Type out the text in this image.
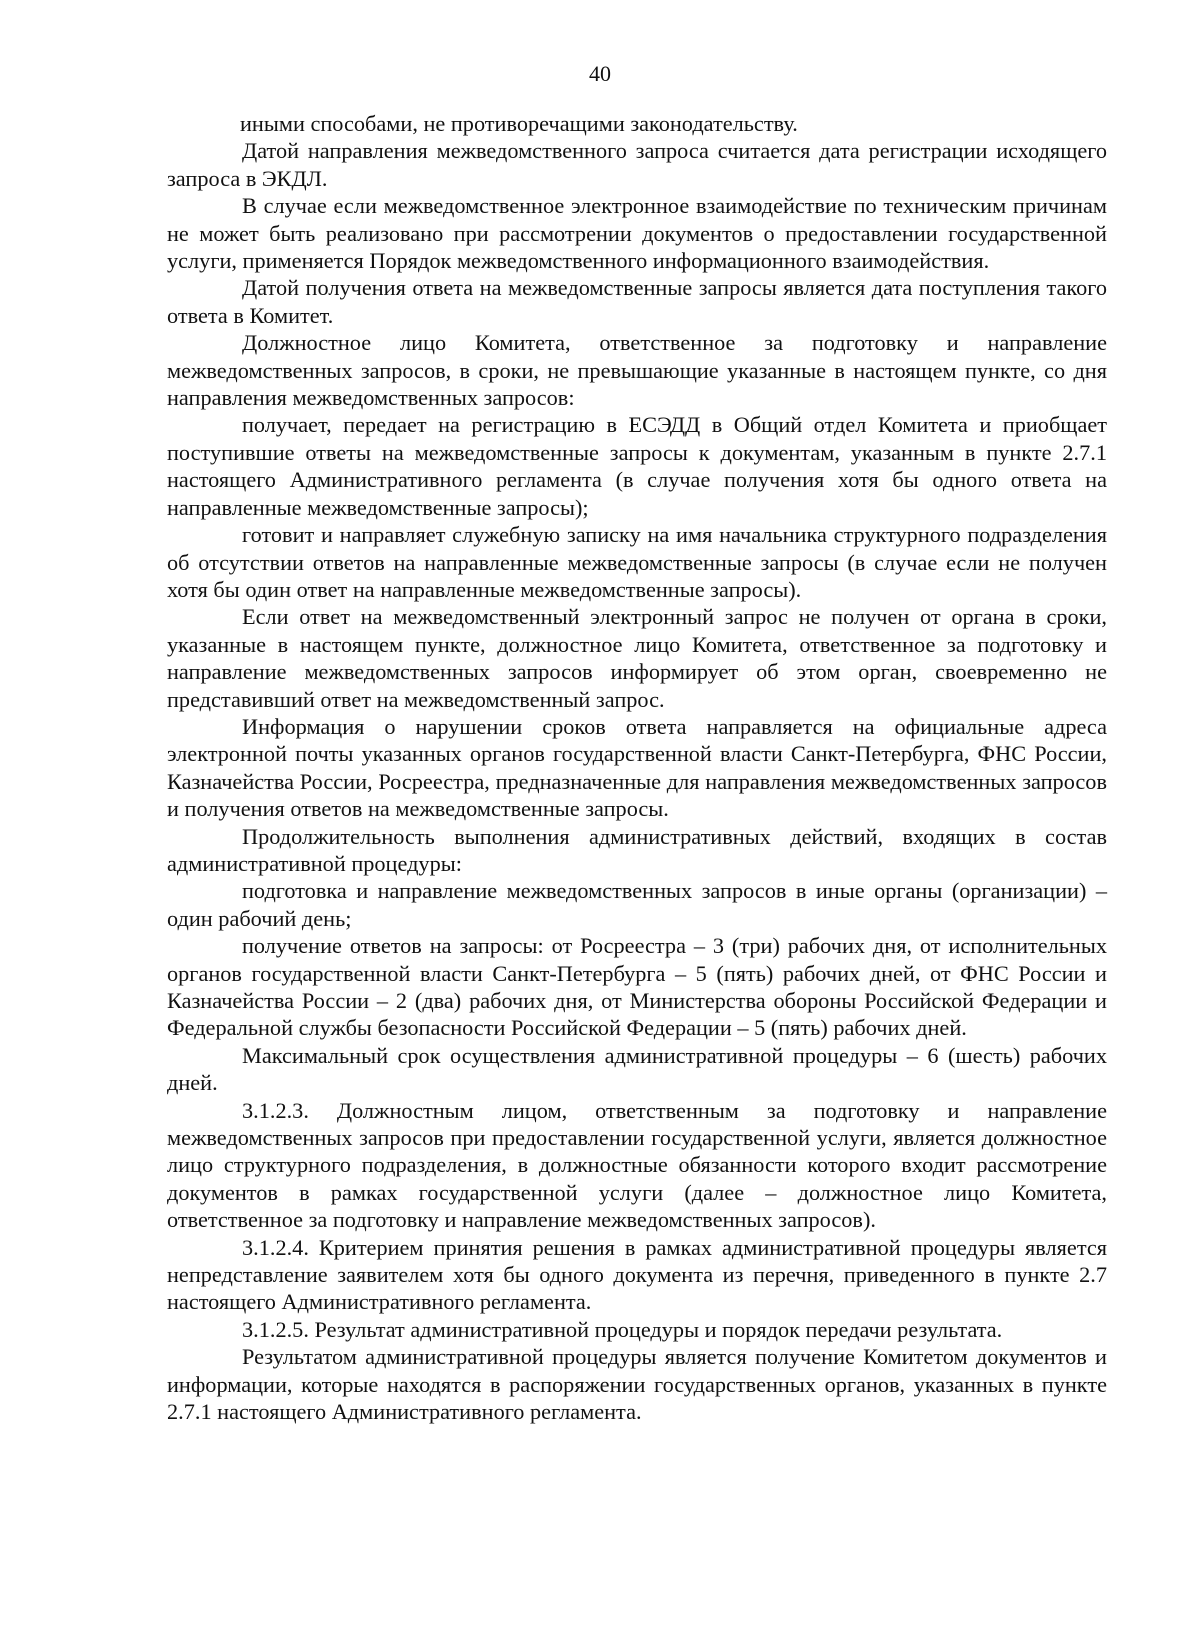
40

иными способами, не противоречащими законодательству.

Датой направления межведомственного запроса считается дата регистрации исходящего запроса в ЭКДЛ.

В случае если межведомственное электронное взаимодействие по техническим причинам не может быть реализовано при рассмотрении документов о предоставлении государственной услуги, применяется Порядок межведомственного информационного взаимодействия.

Датой получения ответа на межведомственные запросы является дата поступления такого ответа в Комитет.

Должностное лицо Комитета, ответственное за подготовку и направление межведомственных запросов, в сроки, не превышающие указанные в настоящем пункте, со дня направления межведомственных запросов:

получает, передает на регистрацию в ЕСЭДД в Общий отдел Комитета и приобщает поступившие ответы на межведомственные запросы к документам, указанным в пункте 2.7.1 настоящего Административного регламента (в случае получения хотя бы одного ответа на направленные межведомственные запросы);

готовит и направляет служебную записку на имя начальника структурного подразделения об отсутствии ответов на направленные межведомственные запросы (в случае если не получен хотя бы один ответ на направленные межведомственные запросы).

Если ответ на межведомственный электронный запрос не получен от органа в сроки, указанные в настоящем пункте, должностное лицо Комитета, ответственное за подготовку и направление межведомственных запросов информирует об этом орган, своевременно не представивший ответ на межведомственный запрос.

Информация о нарушении сроков ответа направляется на официальные адреса электронной почты указанных органов государственной власти Санкт-Петербурга, ФНС России, Казначейства России, Росреестра, предназначенные для направления межведомственных запросов и получения ответов на межведомственные запросы.

Продолжительность выполнения административных действий, входящих в состав административной процедуры:

подготовка и направление межведомственных запросов в иные органы (организации) – один рабочий день;

получение ответов на запросы: от Росреестра – 3 (три) рабочих дня, от исполнительных органов государственной власти Санкт-Петербурга – 5 (пять) рабочих дней, от ФНС России и Казначейства России – 2 (два) рабочих дня, от Министерства обороны Российской Федерации и Федеральной службы безопасности Российской Федерации – 5 (пять) рабочих дней.

Максимальный срок осуществления административной процедуры – 6 (шесть) рабочих дней.

3.1.2.3. Должностным лицом, ответственным за подготовку и направление межведомственных запросов при предоставлении государственной услуги, является должностное лицо структурного подразделения, в должностные обязанности которого входит рассмотрение документов в рамках государственной услуги (далее – должностное лицо Комитета, ответственное за подготовку и направление межведомственных запросов).

3.1.2.4. Критерием принятия решения в рамках административной процедуры является непредставление заявителем хотя бы одного документа из перечня, приведенного в пункте 2.7 настоящего Административного регламента.

3.1.2.5. Результат административной процедуры и порядок передачи результата.

Результатом административной процедуры является получение Комитетом документов и информации, которые находятся в распоряжении государственных органов, указанных в пункте 2.7.1 настоящего Административного регламента.
